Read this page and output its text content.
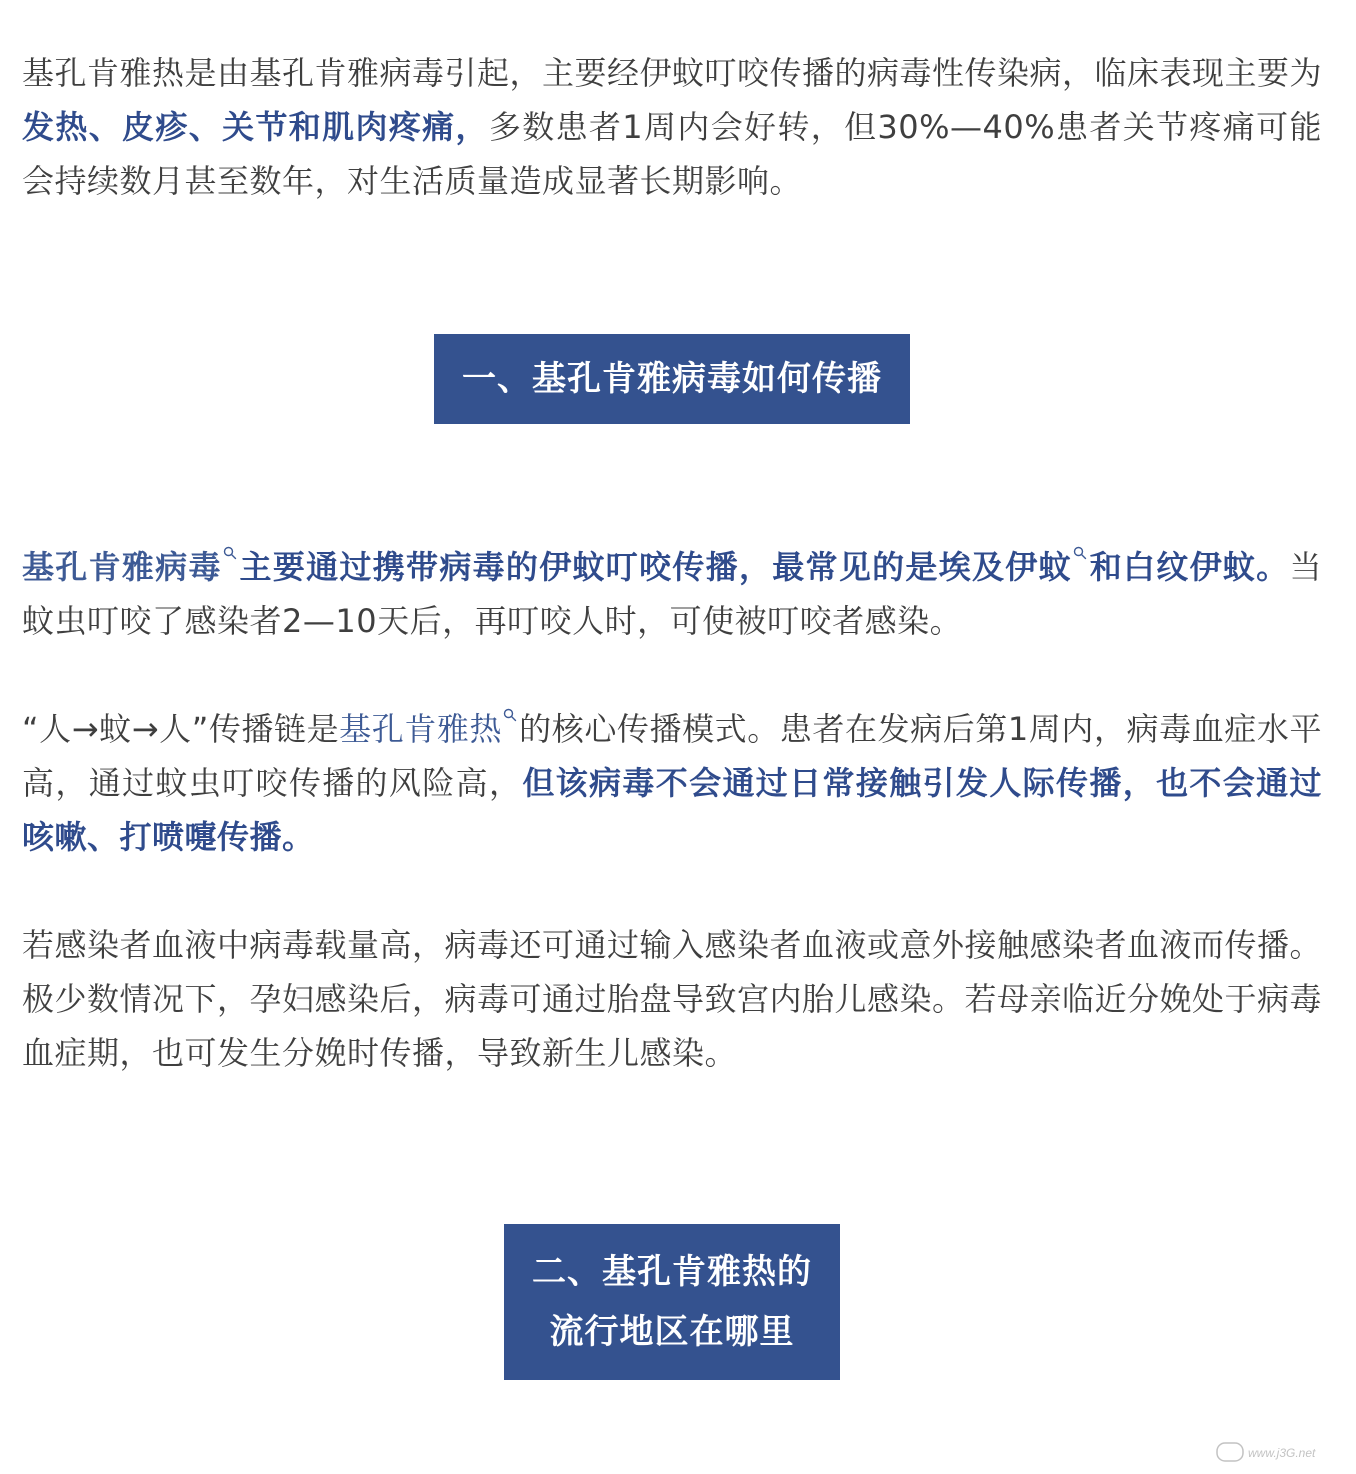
基孔肯雅热是由基孔肯雅病毒引起，主要经伊蚊叮咬传播的病毒性传染病，临床表现主要为发热、皮疹、关节和肌肉疼痛，多数患者1周内会好转，但30%—40%患者关节疼痛可能会持续数月甚至数年，对生活质量造成显著长期影响。

一、基孔肯雅病毒如何传播

基孔肯雅病毒 主要通过携带病毒的伊蚊叮咬传播，最常见的是埃及伊蚊 和白纹伊蚊。当蚊虫叮咬了感染者2—10天后，再叮咬人时，可使被叮咬者感染。

“人→蚊→人”传播链是基孔肯雅热 的核心传播模式。患者在发病后第1周内，病毒血症水平高，通过蚊虫叮咬传播的风险高，但该病毒不会通过日常接触引发人际传播，也不会通过咳嗽、打喷嚏传播。

若感染者血液中病毒载量高，病毒还可通过输入感染者血液或意外接触感染者血液而传播。极少数情况下，孕妇感染后，病毒可通过胎盘导致宫内胎儿感染。若母亲临近分娩处于病毒血症期，也可发生分娩时传播，导致新生儿感染。

二、基孔肯雅热的
流行地区在哪里
www.j3G.net
